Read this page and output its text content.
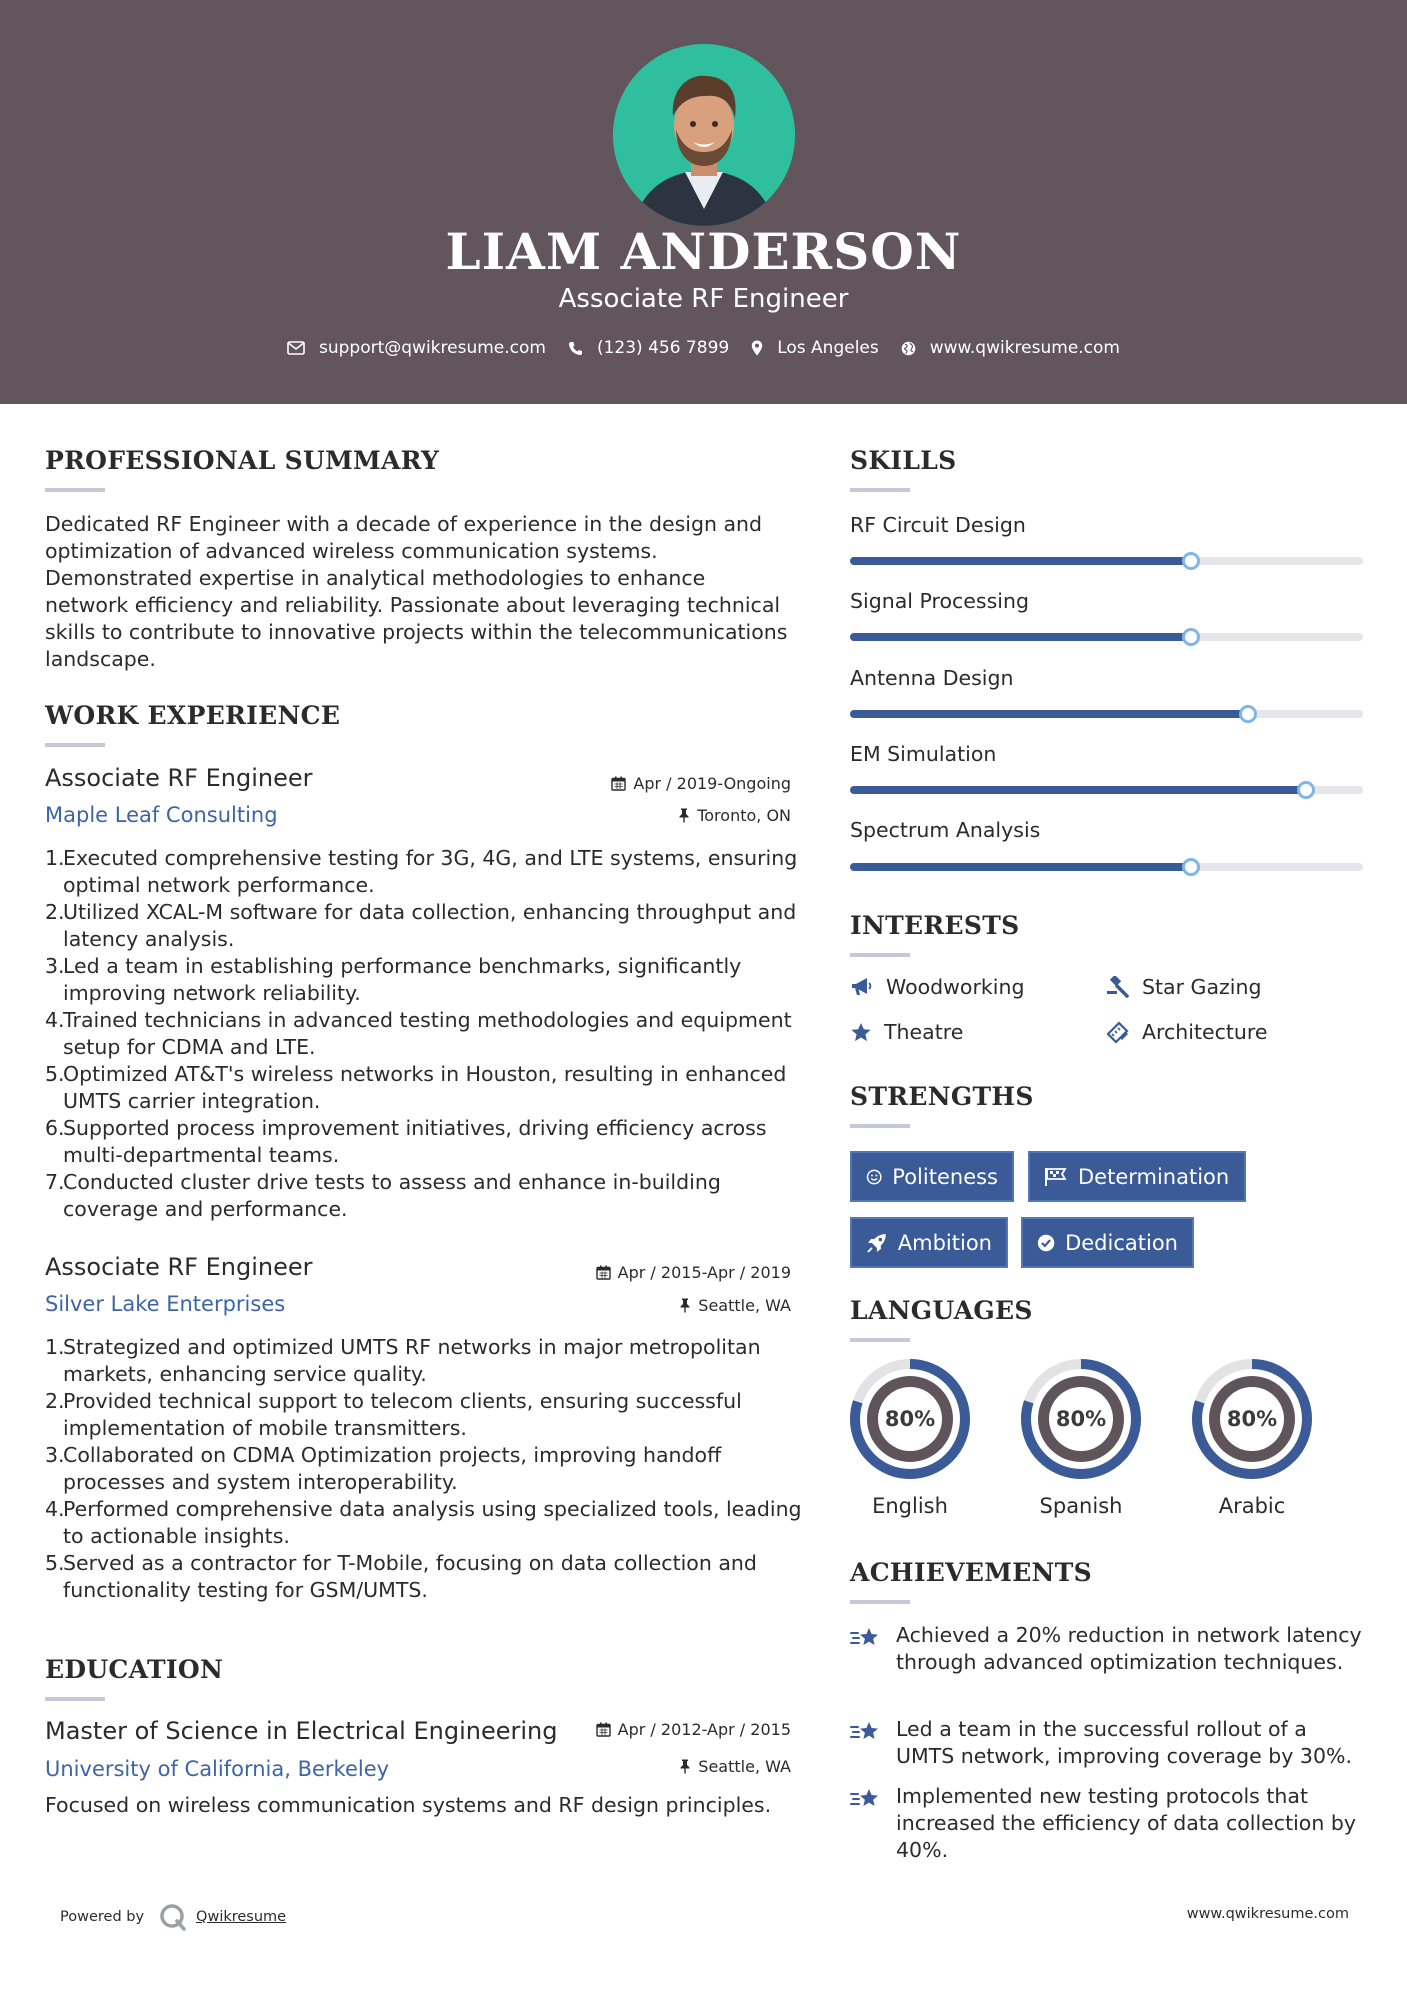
LIAM ANDERSON
Associate RF Engineer
support@qwikresume.com	(123) 456 7899	Los Angeles	www.qwikresume.com
PROFESSIONAL SUMMARY
Dedicated RF Engineer with a decade of experience in the design and optimization of advanced wireless communication systems. Demonstrated expertise in analytical methodologies to enhance network efficiency and reliability. Passionate about leveraging technical skills to contribute to innovative projects within the telecommunications landscape.
WORK EXPERIENCE
Associate RF Engineer	Apr / 2019-Ongoing
Maple Leaf Consulting	Toronto, ON
1.
Executed comprehensive testing for 3G, 4G, and LTE systems, ensuring optimal network performance.
2.
Utilized XCAL-M software for data collection, enhancing throughput and latency analysis.
3.
Led a team in establishing performance benchmarks, significantly improving network reliability.
4.
Trained technicians in advanced testing methodologies and equipment setup for CDMA and LTE.
5.
Optimized AT&T's wireless networks in Houston, resulting in enhanced UMTS carrier integration.
6.
Supported process improvement initiatives, driving efficiency across multi-departmental teams.
7.
Conducted cluster drive tests to assess and enhance in-building coverage and performance.
Associate RF Engineer	Apr / 2015-Apr / 2019
Silver Lake Enterprises	Seattle, WA
1.
Strategized and optimized UMTS RF networks in major metropolitan markets, enhancing service quality.
2.
Provided technical support to telecom clients, ensuring successful implementation of mobile transmitters.
3.
Collaborated on CDMA Optimization projects, improving handoff processes and system interoperability.
4.
Performed comprehensive data analysis using specialized tools, leading to actionable insights.
5.
Served as a contractor for T-Mobile, focusing on data collection and functionality testing for GSM/UMTS.
EDUCATION
Master of Science in Electrical Engineering	Apr / 2012-Apr / 2015
University of California, Berkeley	Seattle, WA
Focused on wireless communication systems and RF design principles.
SKILLS
RF Circuit Design
Signal Processing
Antenna Design
EM Simulation
Spectrum Analysis
INTERESTS
Woodworking	Star Gazing
Theatre	Architecture
STRENGTHS
Politeness	Determination
Ambition	Dedication
LANGUAGES
80%
English
80%
Spanish
80%
Arabic
ACHIEVEMENTS
Achieved a 20% reduction in network latency through advanced optimization techniques.
Led a team in the successful rollout of a UMTS network, improving coverage by 30%.
Implemented new testing protocols that increased the efficiency of data collection by 40%.
Powered by	Qwikresume	www.qwikresume.com
